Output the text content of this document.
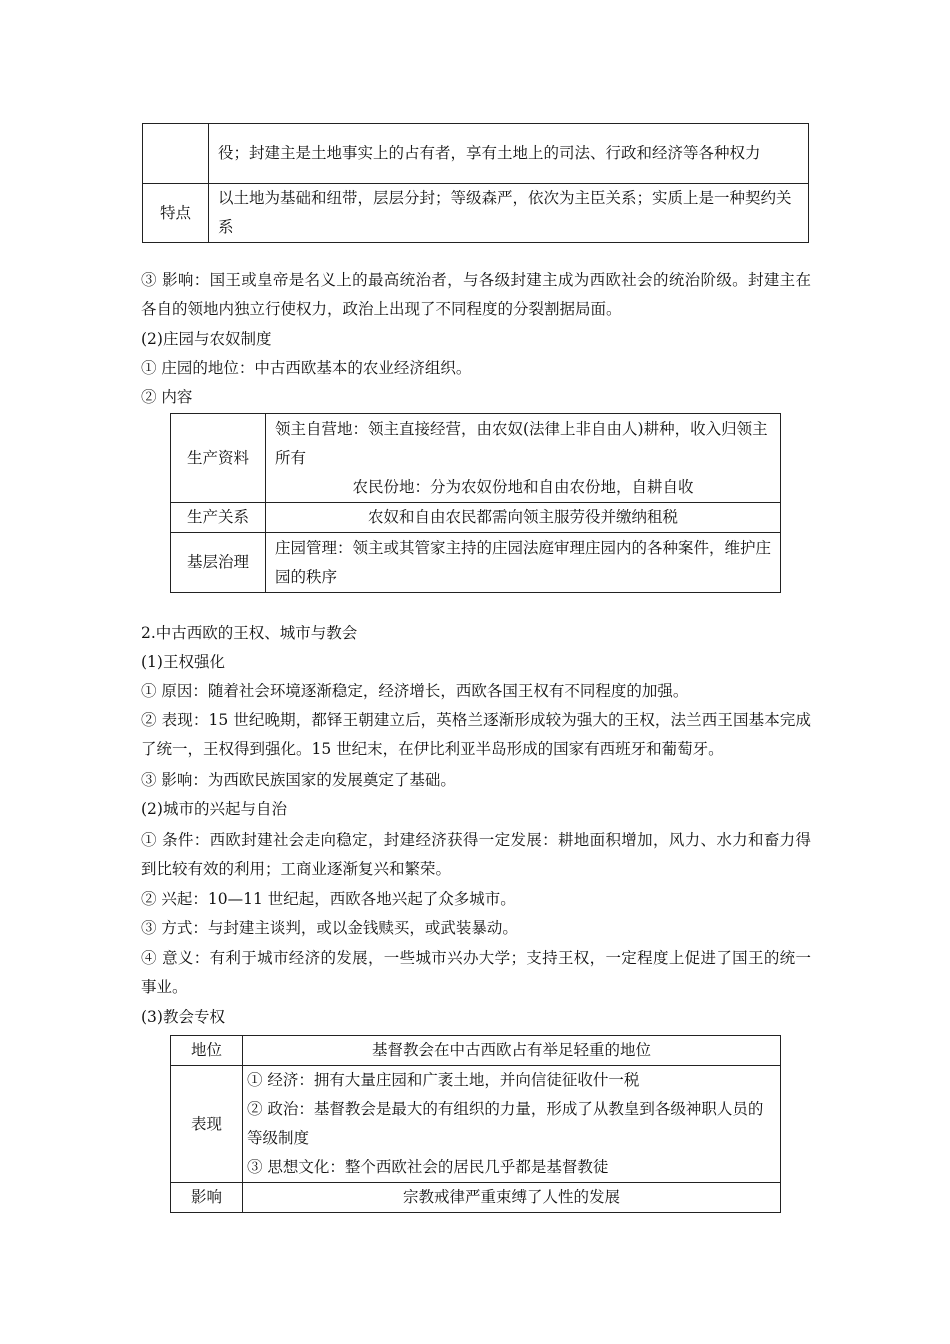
	役；封建主是土地事实上的占有者，享有土地上的司法、行政和经济等各种权力
特点	以土地为基础和纽带，层层分封；等级森严，依次为主臣关系；实质上是一种契约关系
③ 影响：国王或皇帝是名义上的最高统治者，与各级封建主成为西欧社会的统治阶级。封建主在各自的领地内独立行使权力，政治上出现了不同程度的分裂割据局面。
(2)庄园与农奴制度
① 庄园的地位：中古西欧基本的农业经济组织。
② 内容
生产资料	领主自营地：领主直接经营，由农奴(法律上非自由人)耕种，收入归领主所有
农民份地：分为农奴份地和自由农份地，自耕自收

生产关系	农奴和自由农民都需向领主服劳役并缴纳租税
基层治理	庄园管理：领主或其管家主持的庄园法庭审理庄园内的各种案件，维护庄园的秩序
2.中古西欧的王权、城市与教会
(1)王权强化
① 原因：随着社会环境逐渐稳定，经济增长，西欧各国王权有不同程度的加强。
② 表现：15 世纪晚期，都铎王朝建立后，英格兰逐渐形成较为强大的王权，法兰西王国基本完成了统一，王权得到强化。15 世纪末，在伊比利亚半岛形成的国家有西班牙和葡萄牙。
③ 影响：为西欧民族国家的发展奠定了基础。
(2)城市的兴起与自治
① 条件：西欧封建社会走向稳定，封建经济获得一定发展：耕地面积增加，风力、水力和畜力得到比较有效的利用；工商业逐渐复兴和繁荣。
② 兴起：10—11 世纪起，西欧各地兴起了众多城市。
③ 方式：与封建主谈判，或以金钱赎买，或武装暴动。
④ 意义：有利于城市经济的发展，一些城市兴办大学；支持王权，一定程度上促进了国王的统一事业。
(3)教会专权
地位	基督教会在中古西欧占有举足轻重的地位
表现	① 经济：拥有大量庄园和广袤土地，并向信徒征收什一税
② 政治：基督教会是最大的有组织的力量，形成了从教皇到各级神职人员的等级制度
③ 思想文化：整个西欧社会的居民几乎都是基督教徒

影响	宗教戒律严重束缚了人性的发展
